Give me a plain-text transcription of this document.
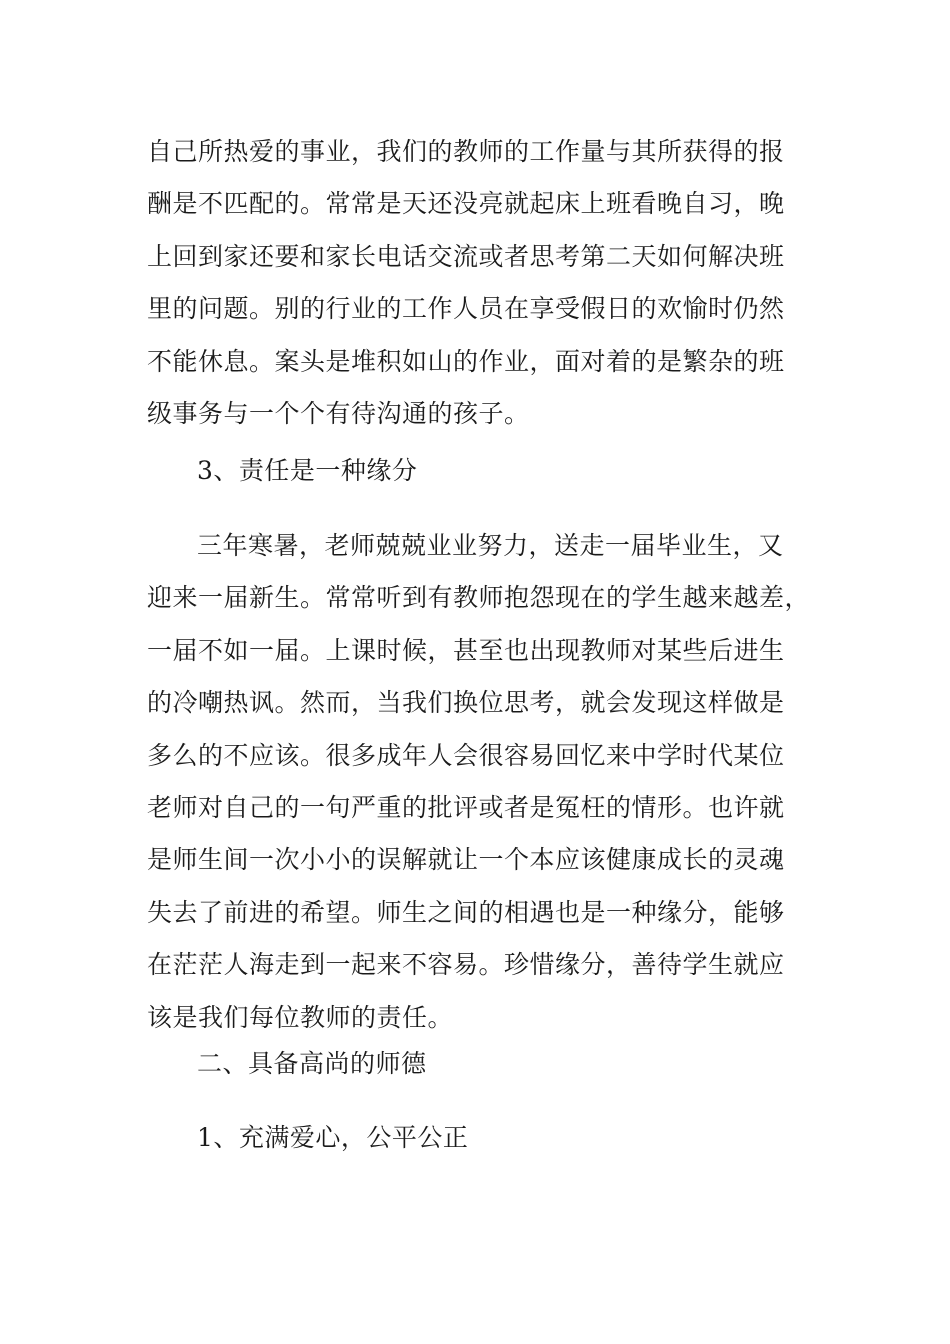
自己所热爱的事业，我们的教师的工作量与其所获得的报
酬是不匹配的。常常是天还没亮就起床上班看晚自习，晚
上回到家还要和家长电话交流或者思考第二天如何解决班
里的问题。别的行业的工作人员在享受假日的欢愉时仍然
不能休息。案头是堆积如山的作业，面对着的是繁杂的班
级事务与一个个有待沟通的孩子。
3、责任是一种缘分
三年寒暑，老师兢兢业业努力，送走一届毕业生，又
迎来一届新生。常常听到有教师抱怨现在的学生越来越差，
一届不如一届。上课时候，甚至也出现教师对某些后进生
的冷嘲热讽。然而，当我们换位思考，就会发现这样做是
多么的不应该。很多成年人会很容易回忆来中学时代某位
老师对自己的一句严重的批评或者是冤枉的情形。也许就
是师生间一次小小的误解就让一个本应该健康成长的灵魂
失去了前进的希望。师生之间的相遇也是一种缘分，能够
在茫茫人海走到一起来不容易。珍惜缘分，善待学生就应
该是我们每位教师的责任。
二、具备高尚的师德
1、充满爱心，公平公正
